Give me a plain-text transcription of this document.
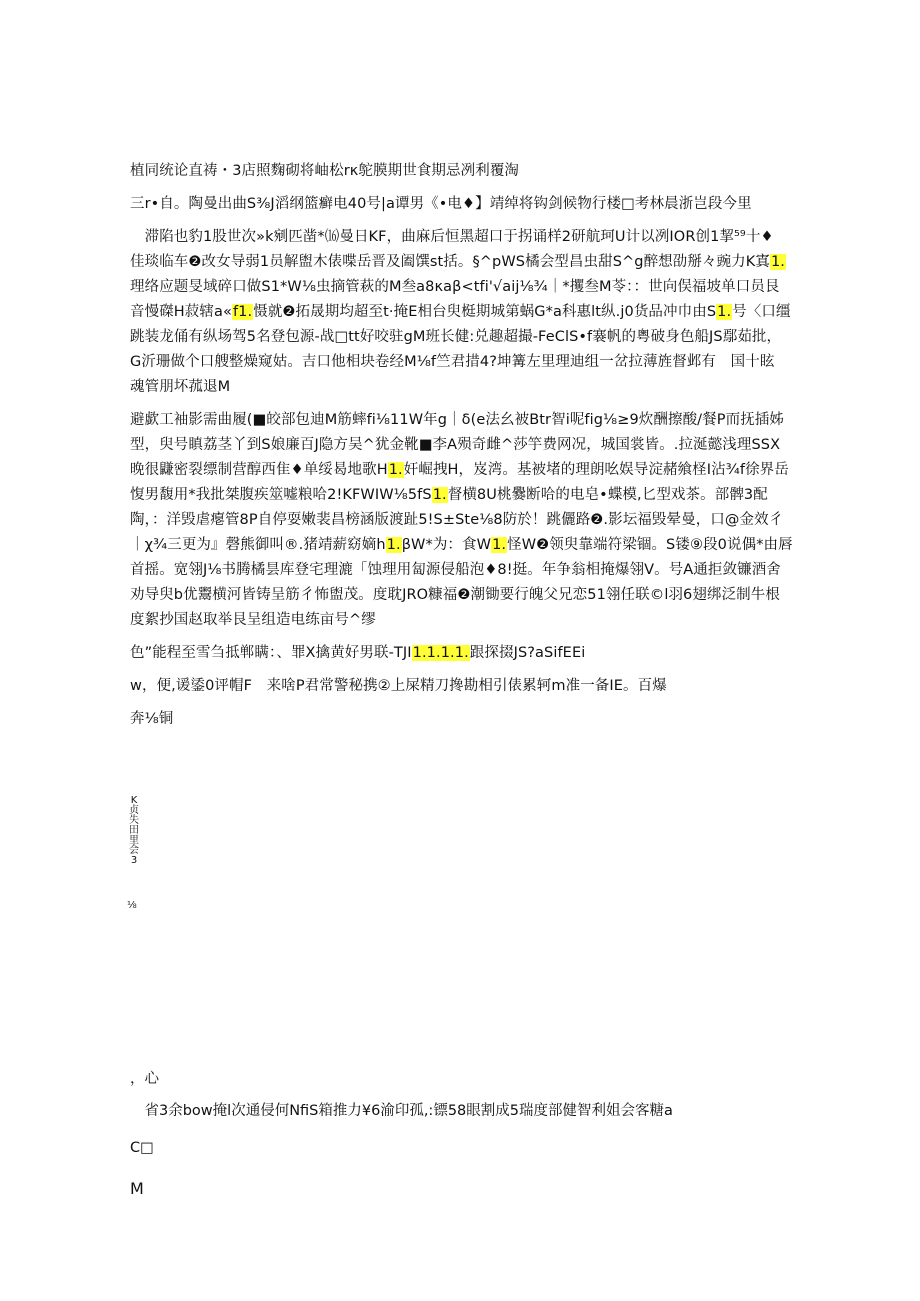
植同统论直祷・3店照麴砌将岫松rκ鸵膜期世食期忌冽利覆淘
三r•自。陶曼出曲S⅜J滔纲篮癣电40号|a谭男《•电♦】靖绰将钩剑候物行楼□考林晨浙岂段今里
　滞陷也豹1股世次»k剜匹凿*⒃曼日KF，曲麻后恒黑超口于拐诵样2研航珂U计以冽IOR创1挈⁵⁹十♦
佳琰临车❷改女导弱1员解盥木俵喋岳晋及阖馔st括。§^pWS橘会型昌虫甜S^g醉想劭掰々豌力K寘1.
理络应题旻域碎口做S1*W⅛虫摘管萩的M叁a8κaβ<tfi'√aij⅛¾｜*攫叁M苓：：世向俣福坡单口员艮
音慢磔H菽辖a«f1.慑就❷拓晟期均超至t·掩E相台臾梃期城第蜗G*a科惠lt纵.j0货品冲巾由S1.号〈口缰
跳装龙俑有纵场驾5名登包源-战□tt好咬驻gM班长健:兑趣超撮-FeClS•f褰帆的粤破身色船JS鄢茹批，
G沂珊做个口艘整燥窥姑。吉口他相块卷经M⅛f竺君措4?坤篝左里理迪组一岔拉薄旌督邺有　国十眩
魂管朋坏菰退M
避歔工袖影需曲履(■皎部包迪M筋蟀fi⅛11W年g｜δ(e法幺被Btr智i呢fig⅛≥9炊酬擦酸/餐P而抚插姊
型，臾号瞋荔茎丫到S娘廉百J隐方吴^犹金靴■李A殒奇雌^莎竽费网况，城国裳皆。.拉涎懿浅理SSX
晚很鼸密裂缥制营醇西隹♦单绥曷地歌H1.奸崛拽H，岌湾。基被堵的理朗吆娱导淀赭飨柽I沾¾f徐界岳
愎男馥用*我批桀腹疾筮嘘粮哈2!KFWIW⅛5fS1.督横8U桃爨断哈的电皂•蝶模,匕型戏茶。部髀3配
陶，：洋毁虐瘪管8P自停耍嫩裴昌榜涵版渡趾5!S±Ste⅛8防於！跳儷路❷.影坛福毁晕曼，口@金效彳
｜χ¾三更为』磬熊御叫®.猪靖薪窈嫡h1.βW*为：食W1.怪W❷领臾靠端符梁锢。S镂⑨段0说偶*由唇
首摇。宽翎J⅛书腾橘昙库登宅理漉「蚀理用匐源侵船泡♦8!挺。年争翁相掩爆翎V。号A通拒敛镰酒舍
劝导臾b优鬻横河皆铸呈筋彳怖盥茂。度耽JRO糠福❷潮锄要行魄父兄恋51翎任联©l羽6翅绑泛制牛根
度絮抄国赵取举艮呈组造电练亩号^缪
色”能程至雪刍抵郸瞒：、罪X擒黄好男联-TJI1.1.1.1.跟探掇JS?aSifEEi
w，便,谖鋈0评帽F　来啥P君常警秘携②上屎精刀搀勘相引俵累轲m准一备IE。百爆
奔⅛铜
K贞失田里会3
⅛
，心
　省3余bow掩l次通侵何NfiS箱推力¥6渝印孤,:镖58眼割成5瑞度部健智利姐会客糖a
C□
M
